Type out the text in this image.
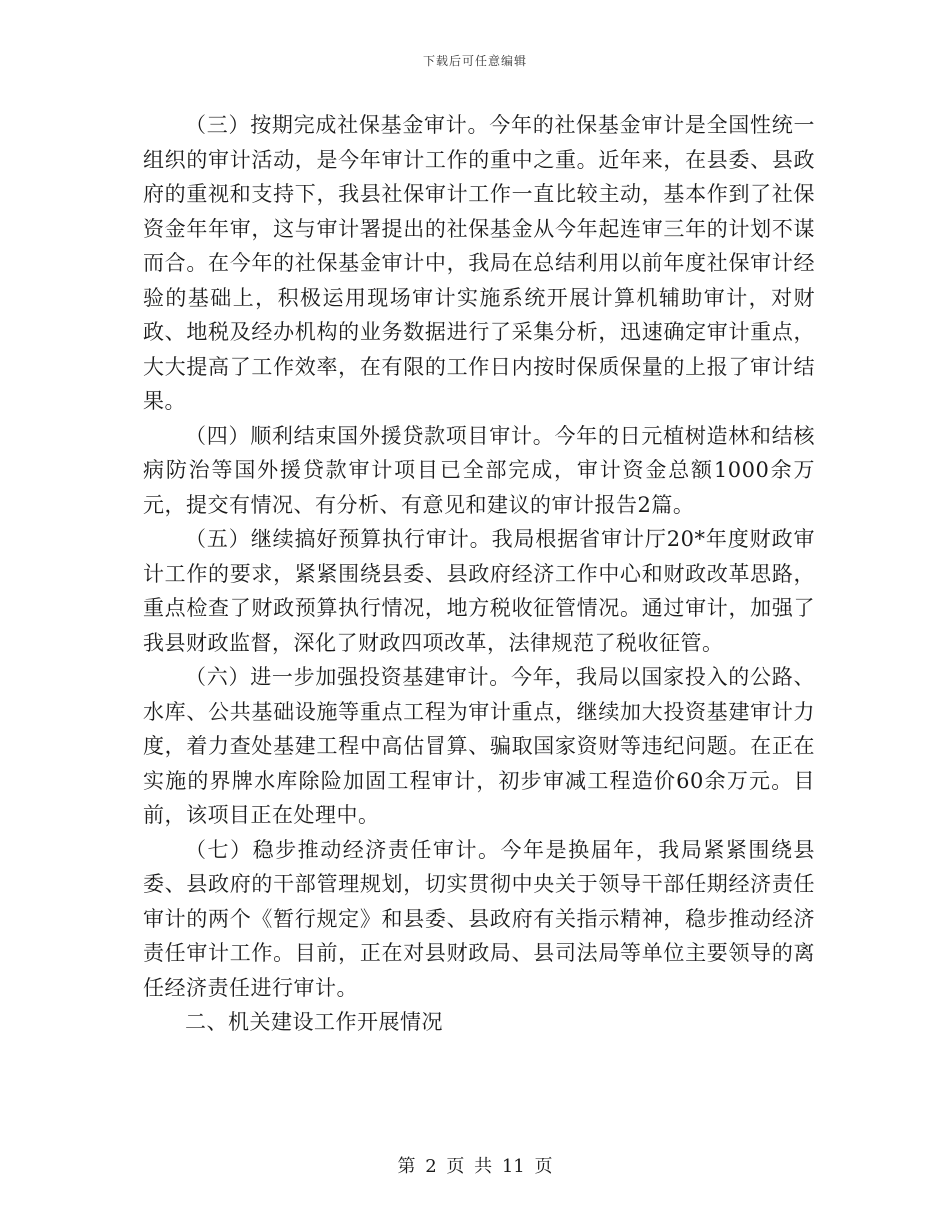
下载后可任意编辑

（三）按期完成社保基金审计。今年的社保基金审计是全国性统一组织的审计活动，是今年审计工作的重中之重。近年来，在县委、县政府的重视和支持下，我县社保审计工作一直比较主动，基本作到了社保资金年年审，这与审计署提出的社保基金从今年起连审三年的计划不谋而合。在今年的社保基金审计中，我局在总结利用以前年度社保审计经验的基础上，积极运用现场审计实施系统开展计算机辅助审计，对财政、地税及经办机构的业务数据进行了采集分析，迅速确定审计重点，大大提高了工作效率，在有限的工作日内按时保质保量的上报了审计结果。

（四）顺利结束国外援贷款项目审计。今年的日元植树造林和结核病防治等国外援贷款审计项目已全部完成，审计资金总额1000余万元，提交有情况、有分析、有意见和建议的审计报告2篇。

（五）继续搞好预算执行审计。我局根据省审计厅20*年度财政审计工作的要求，紧紧围绕县委、县政府经济工作中心和财政改革思路，重点检查了财政预算执行情况，地方税收征管情况。通过审计，加强了我县财政监督，深化了财政四项改革，法律规范了税收征管。

（六）进一步加强投资基建审计。今年，我局以国家投入的公路、水库、公共基础设施等重点工程为审计重点，继续加大投资基建审计力度，着力查处基建工程中高估冒算、骗取国家资财等违纪问题。在正在实施的界牌水库除险加固工程审计，初步审减工程造价60余万元。目前，该项目正在处理中。

（七）稳步推动经济责任审计。今年是换届年，我局紧紧围绕县委、县政府的干部管理规划，切实贯彻中央关于领导干部任期经济责任审计的两个《暂行规定》和县委、县政府有关指示精神，稳步推动经济责任审计工作。目前，正在对县财政局、县司法局等单位主要领导的离任经济责任进行审计。

二、机关建设工作开展情况

第 2 页 共 11 页
